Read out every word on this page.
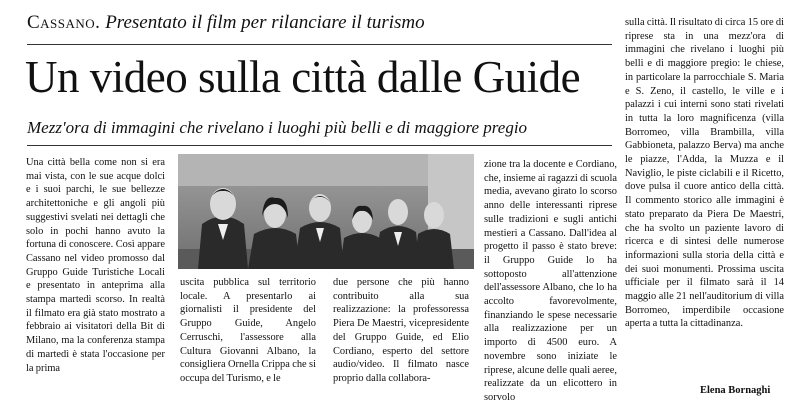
Cassano. Presentato il film per rilanciare il turismo
Un video sulla città dalle Guide
Mezz'ora di immagini che rivelano i luoghi più belli e di maggiore pregio

Una città bella come non si era mai vista, con le sue acque dolci e i suoi parchi, le sue bellezze architettoniche e gli angoli più suggestivi svelati nei dettagli che solo in pochi hanno avuto la fortuna di conoscere. Così appare Cassano nel video promosso dal Gruppo Guide Turistiche Locali e presentato in anteprima alla stampa martedì scorso. In realtà il filmato era già stato mostrato a febbraio ai visitatori della Bit di Milano, ma la conferenza stampa di martedì è stata l'occasione per la prima

uscita pubblica sul territorio locale. A presentarlo ai giornalisti il presidente del Gruppo Guide, Angelo Cerruschi, l'assessore alla Cultura Giovanni Albano, la consigliera Ornella Crippa che si occupa del Turismo, e le

due persone che più hanno contribuito alla sua realizzazione: la professoressa Piera De Maestri, vicepresidente del Gruppo Guide, ed Elio Cordiano, esperto del settore audio/video. Il filmato nasce proprio dalla collabora-

zione tra la docente e Cordiano, che, insieme ai ragazzi di scuola media, avevano girato lo scorso anno delle interessanti riprese sulle tradizioni e sugli antichi mestieri a Cassano. Dall'idea al progetto il passo è stato breve: il Gruppo Guide lo ha sottoposto all'attenzione dell'assessore Albano, che lo ha accolto favorevolmente, finanziando le spese necessarie alla realizzazione per un importo di 4500 euro. A novembre sono iniziate le riprese, alcune delle quali aeree, realizzate da un elicottero in sorvolo

sulla città. Il risultato di circa 15 ore di riprese sta in una mezz'ora di immagini che rivelano i luoghi più belli e di maggiore pregio: le chiese, in particolare la parrocchiale S. Maria e S. Zeno, il castello, le ville e i palazzi i cui interni sono stati rivelati in tutta la loro magnificenza (villa Borromeo, villa Brambilla, villa Gabbioneta, palazzo Berva) ma anche le piazze, l'Adda, la Muzza e il Naviglio, le piste ciclabili e il Ricetto, dove pulsa il cuore antico della città. Il commento storico alle immagini è stato preparato da Piera De Maestri, che ha svolto un paziente lavoro di ricerca e di sintesi delle numerose informazioni sulla storia della città e dei suoi monumenti. Prossima uscita ufficiale per il filmato sarà il 14 maggio alle 21 nell'auditorium di villa Borromeo, imperdibile occasione aperta a tutta la cittadinanza.

Elena Bornaghi
